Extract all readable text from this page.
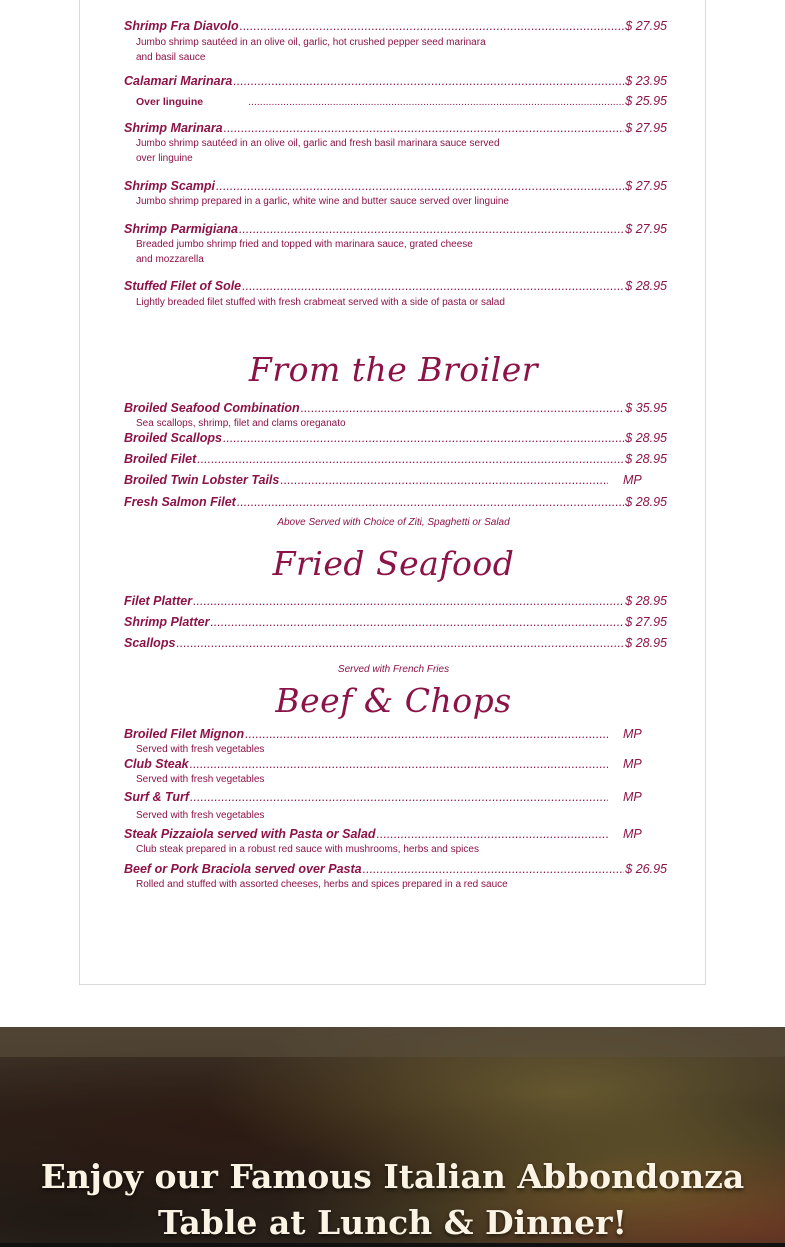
Shrimp Fra Diavolo .....	$ 27.95
Jumbo shrimp sautéed in an olive oil, garlic, hot crushed pepper seed marinara
and basil sauce
Calamari Marinara .....	$ 23.95
Over linguine .....	$ 25.95
Shrimp Marinara .....	$ 27.95
Jumbo shrimp sautéed in an olive oil, garlic and fresh basil marinara sauce served
over linguine
Shrimp Scampi .....	$ 27.95
Jumbo shrimp prepared in a garlic, white wine and butter sauce served over linguine
Shrimp Parmigiana .....	$ 27.95
Breaded jumbo shrimp fried and topped with marinara sauce, grated cheese
and mozzarella
Stuffed Filet of Sole .....	$ 28.95
Lightly breaded filet stuffed with fresh crabmeat served with a side of pasta or salad
From the Broiler
Broiled Seafood Combination .....	$ 35.95
Sea scallops, shrimp, filet and clams oreganato
Broiled Scallops .....	$ 28.95
Broiled Filet .....	$ 28.95
Broiled Twin Lobster Tails .....	MP
Fresh Salmon Filet .....	$ 28.95
Above Served with Choice of Ziti, Spaghetti or Salad
Fried Seafood
Filet Platter .....	$ 28.95
Shrimp Platter .....	$ 27.95
Scallops .....	$ 28.95
Served with French Fries
Beef & Chops
Broiled Filet Mignon .....	MP
Served with fresh vegetables
Club Steak .....	MP
Served with fresh vegetables
Surf & Turf .....	MP
Served with fresh vegetables
Steak Pizzaiola served with Pasta or Salad .....	MP
Club steak prepared in a robust red sauce with mushrooms, herbs and spices
Beef or Pork Braciola served over Pasta .....	$ 26.95
Rolled and stuffed with assorted cheeses, herbs and spices prepared in a red sauce
Enjoy our Famous Italian Abbondonza
Table at Lunch & Dinner!
